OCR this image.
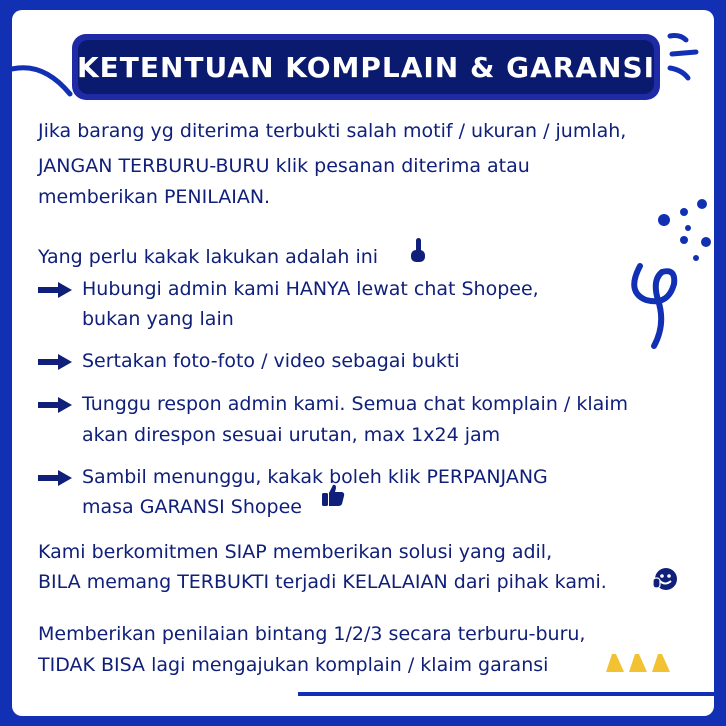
KETENTUAN KOMPLAIN & GARANSI
Jika barang yg diterima terbukti salah motif / ukuran / jumlah,
JANGAN TERBURU-BURU klik pesanan diterima atau
memberikan PENILAIAN.
Yang perlu kakak lakukan adalah ini
Hubungi admin kami HANYA lewat chat Shopee,
bukan yang lain
Sertakan foto-foto / video sebagai bukti
Tunggu respon admin kami. Semua chat komplain / klaim
akan direspon sesuai urutan, max 1x24 jam
Sambil menunggu, kakak boleh klik PERPANJANG
masa GARANSI Shopee
Kami berkomitmen SIAP memberikan solusi yang adil,
BILA memang TERBUKTI terjadi KELALAIAN dari pihak kami.
Memberikan penilaian bintang 1/2/3 secara terburu-buru,
TIDAK BISA lagi mengajukan komplain / klaim garansi
